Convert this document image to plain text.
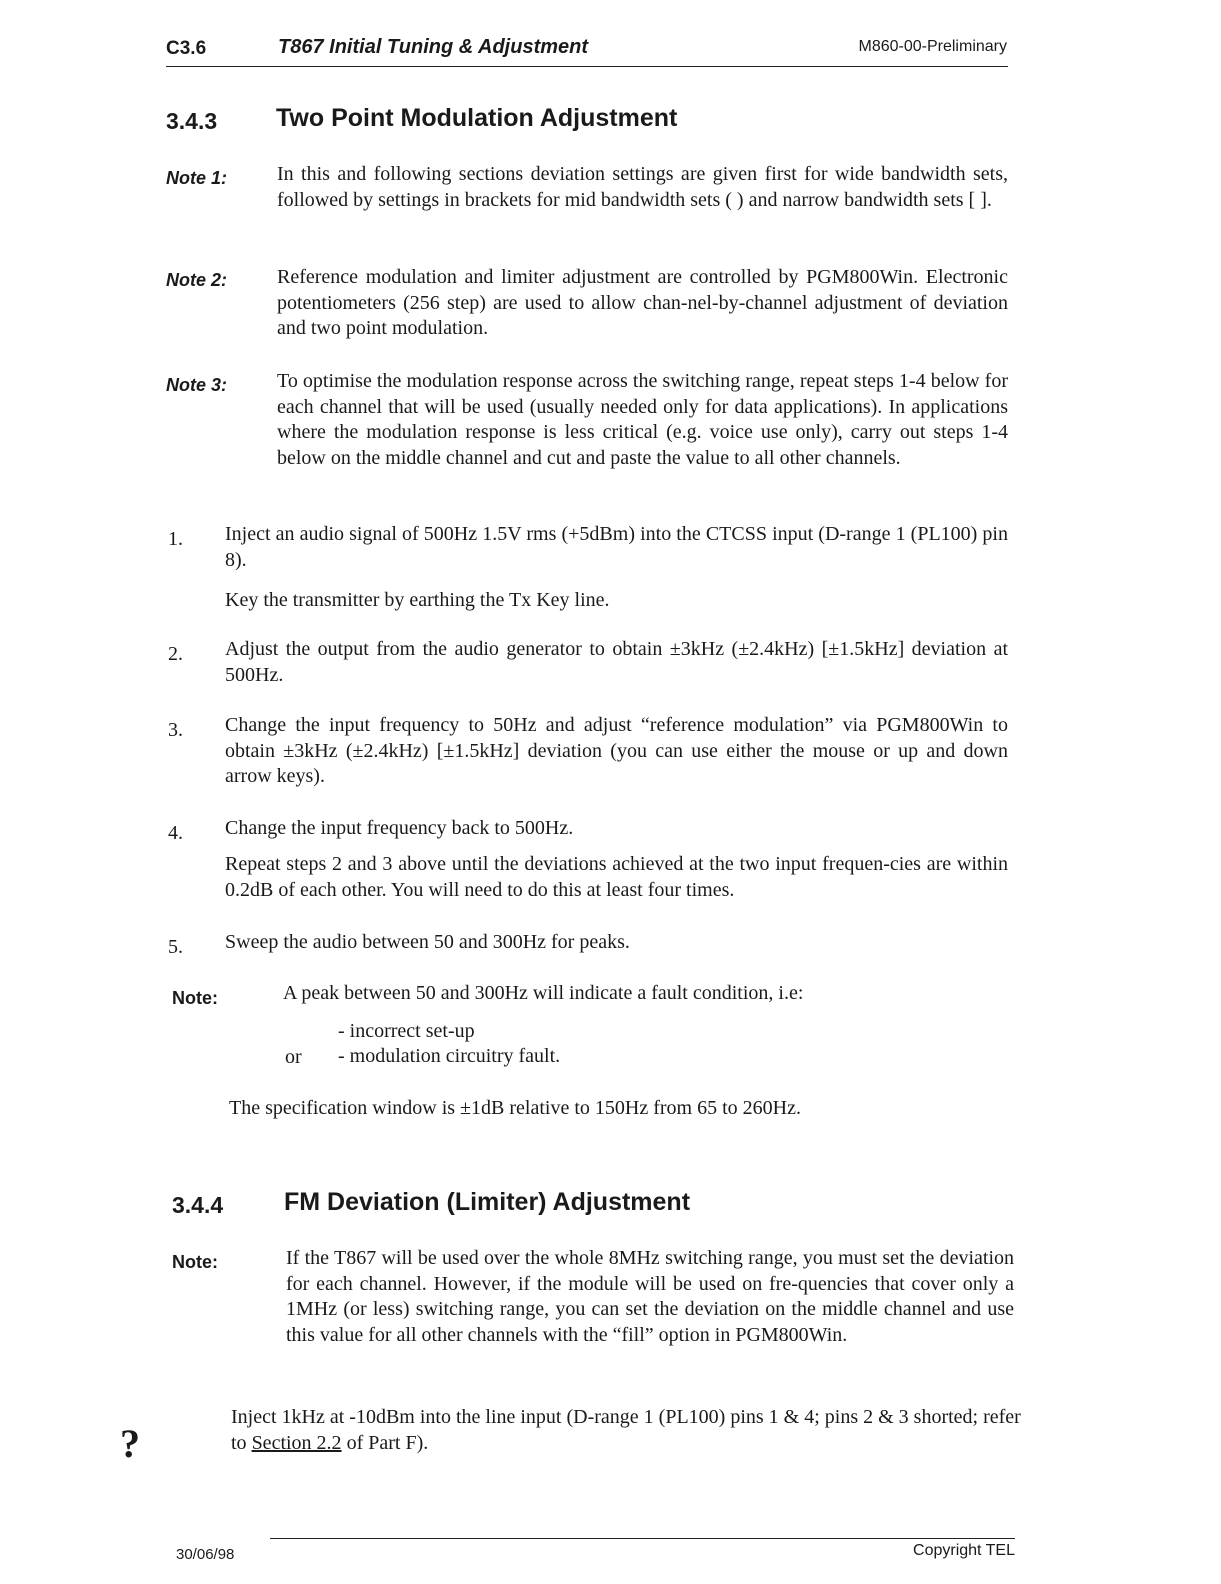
C3.6	T867 Initial Tuning & Adjustment	M860-00-Preliminary
3.4.3 Two Point Modulation Adjustment
Note 1: In this and following sections deviation settings are given first for wide bandwidth sets, followed by settings in brackets for mid bandwidth sets ( ) and narrow bandwidth sets [ ].

Note 2: Reference modulation and limiter adjustment are controlled by PGM800Win. Electronic potentiometers (256 step) are used to allow chan-nel-by-channel adjustment of deviation and two point modulation.

Note 3: To optimise the modulation response across the switching range, repeat steps 1-4 below for each channel that will be used (usually needed only for data applications). In applications where the modulation response is less critical (e.g. voice use only), carry out steps 1-4 below on the middle channel and cut and paste the value to all other channels.

1. Inject an audio signal of 500Hz 1.5V rms (+5dBm) into the CTCSS input (D-range 1 (PL100) pin 8).

Key the transmitter by earthing the Tx Key line.

2. Adjust the output from the audio generator to obtain ±3kHz (±2.4kHz) [±1.5kHz] deviation at 500Hz.

3. Change the input frequency to 50Hz and adjust “reference modulation” via PGM800Win to obtain ±3kHz (±2.4kHz) [±1.5kHz] deviation (you can use either the mouse or up and down arrow keys).

4. Change the input frequency back to 500Hz.

Repeat steps 2 and 3 above until the deviations achieved at the two input frequen-cies are within 0.2dB of each other. You will need to do this at least four times.

5. Sweep the audio between 50 and 300Hz for peaks.

Note:	A peak between 50 and 300Hz will indicate a fault condition, i.e:

- incorrect set-up

or	- modulation circuitry fault.

The specification window is ±1dB relative to 150Hz from 65 to 260Hz.

3.4.4 FM Deviation (Limiter) Adjustment
Note:	If the T867 will be used over the whole 8MHz switching range, you must set the deviation for each channel. However, if the module will be used on fre-quencies that cover only a 1MHz (or less) switching range, you can set the deviation on the middle channel and use this value for all other channels with the “fill” option in PGM800Win.

Inject 1kHz at -10dBm into the line input (D-range 1 (PL100) pins 1 & 4; pins 2 & 3 shorted; refer to Section 2.2 of Part F).

?
30/06/98	Copyright TEL
